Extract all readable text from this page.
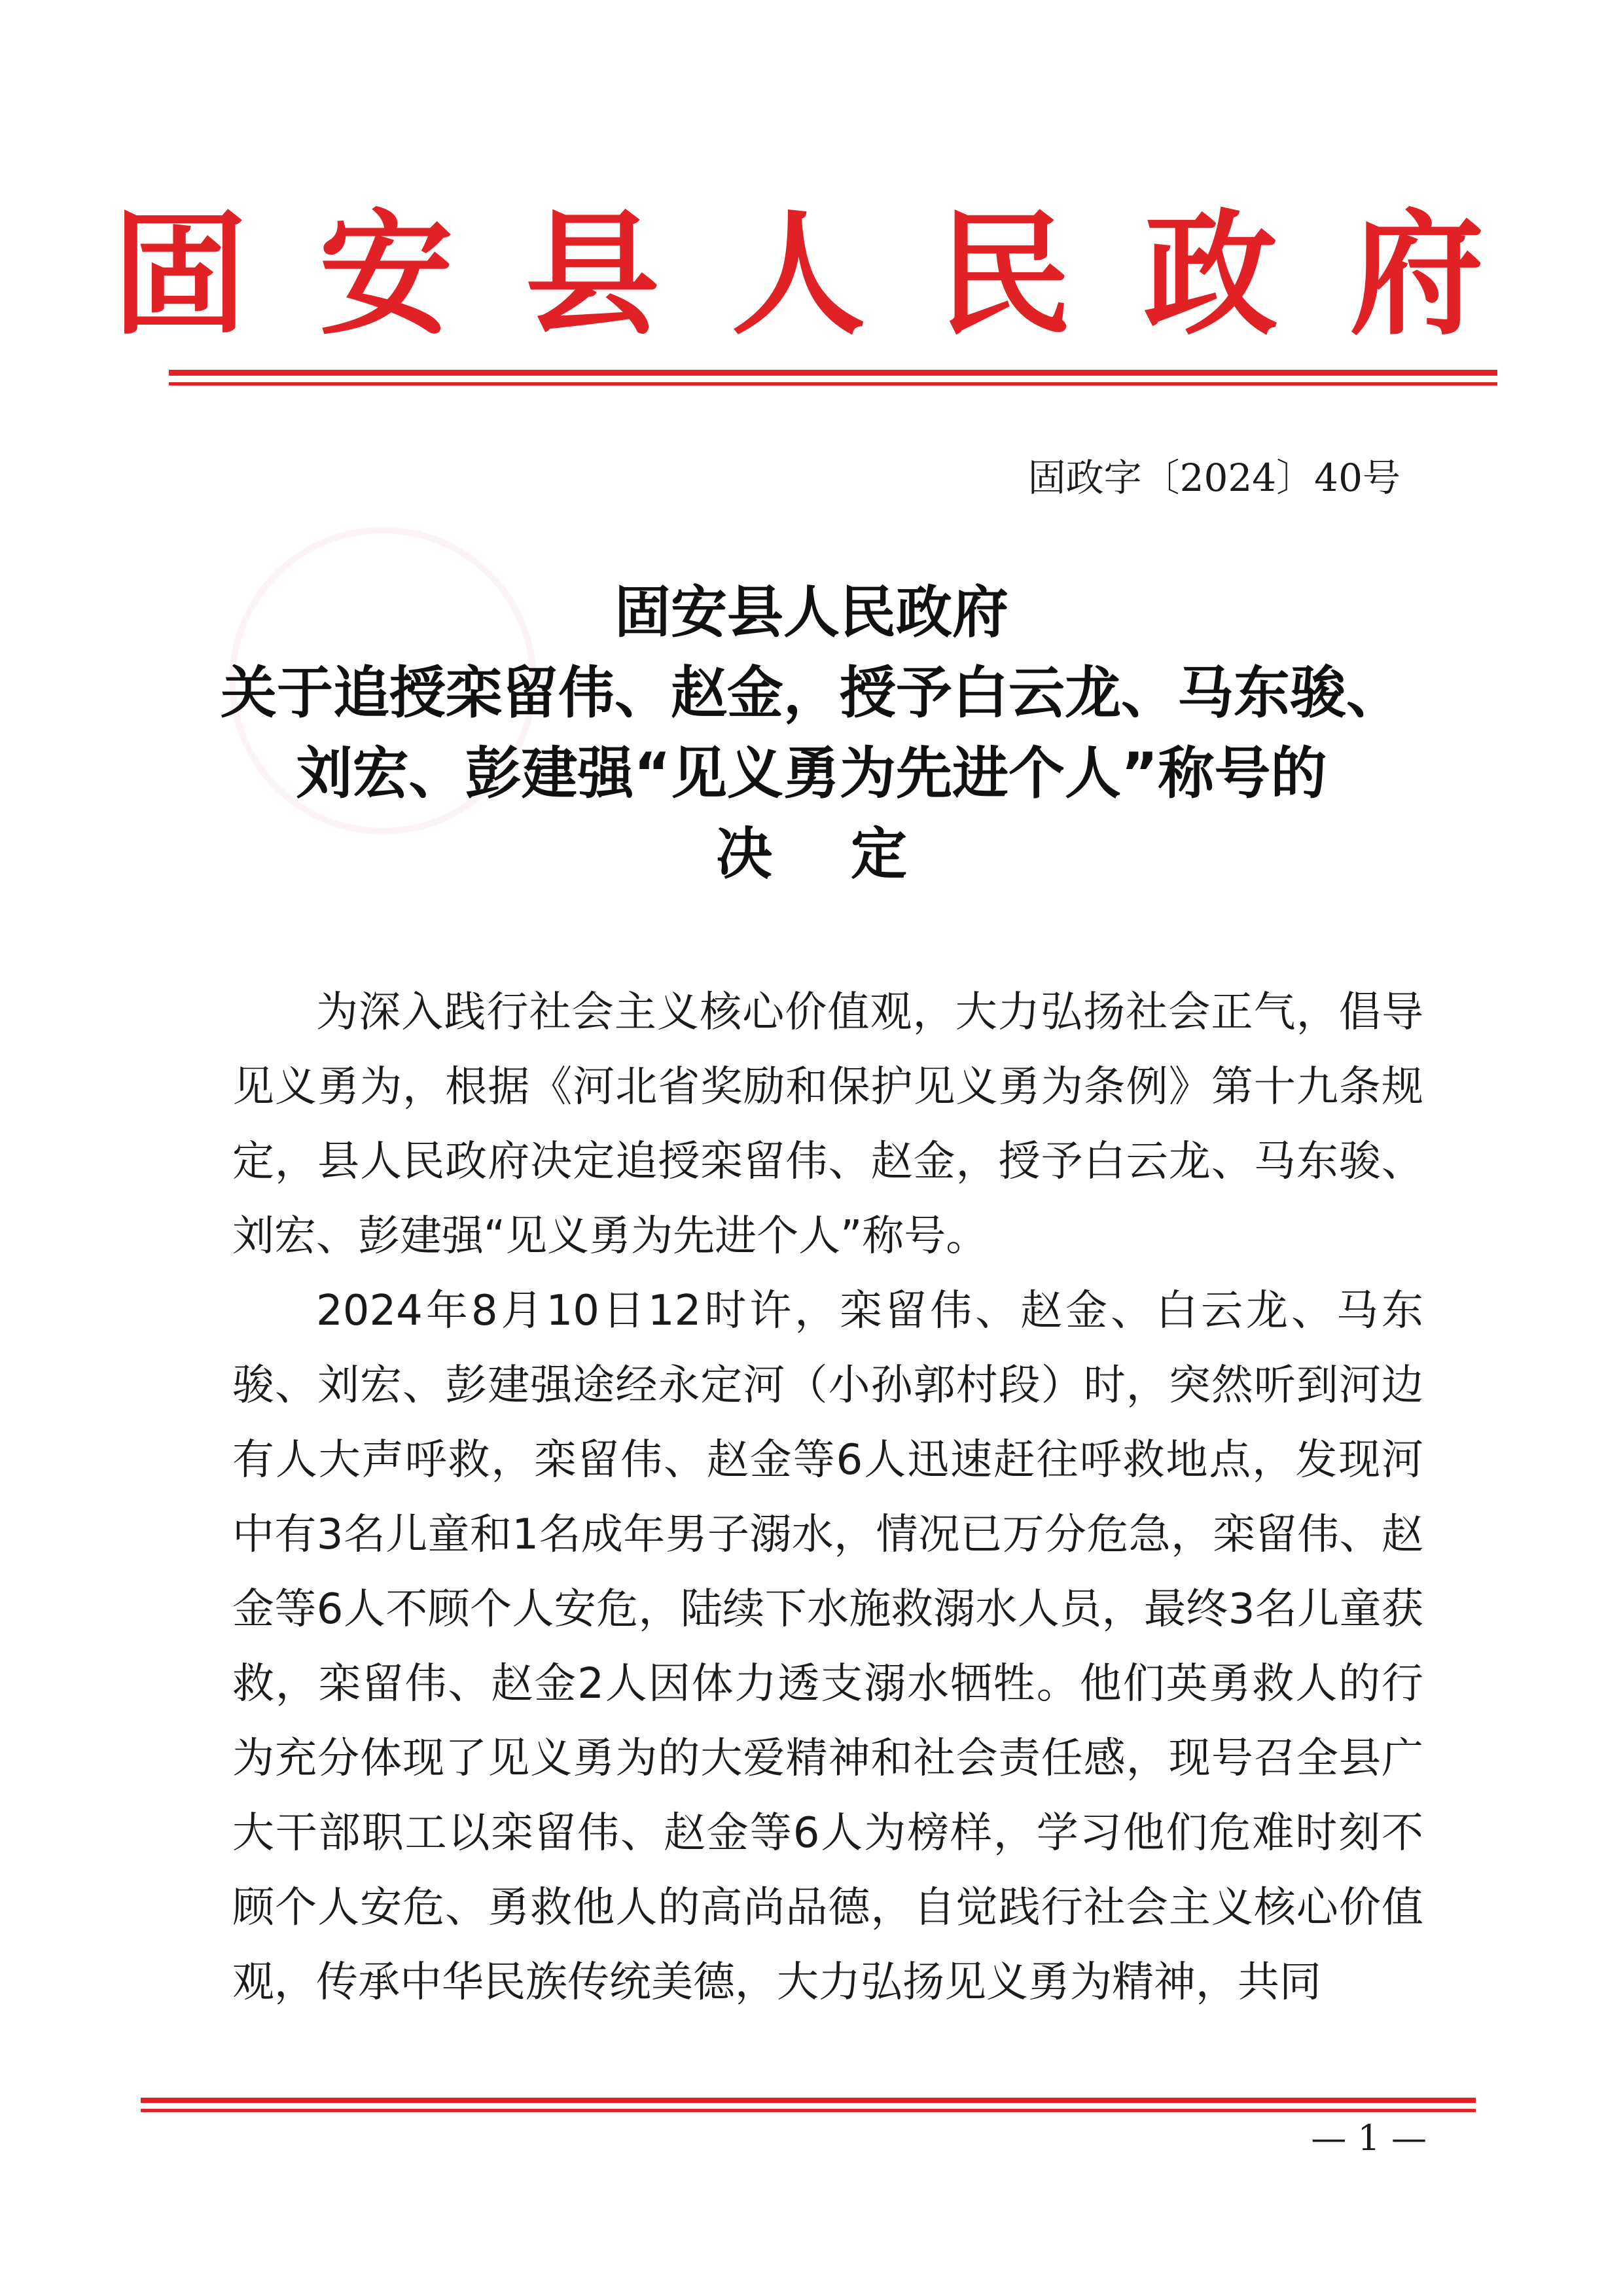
固安县人民政府
固政字〔2024〕40号
固安县人民政府
关于追授栾留伟、赵金，授予白云龙、马东骏、
刘宏、彭建强“见义勇为先进个人”称号的
决定

为深入践行社会主义核心价值观，大力弘扬社会正气，倡导见义勇为，根据《河北省奖励和保护见义勇为条例》第十九条规定，县人民政府决定追授栾留伟、赵金，授予白云龙、马东骏、刘宏、彭建强“见义勇为先进个人”称号。

2024年8月10日12时许，栾留伟、赵金、白云龙、马东骏、刘宏、彭建强途经永定河（小孙郭村段）时，突然听到河边有人大声呼救，栾留伟、赵金等6人迅速赶往呼救地点，发现河中有3名儿童和1名成年男子溺水，情况已万分危急，栾留伟、赵金等6人不顾个人安危，陆续下水施救溺水人员，最终3名儿童获救，栾留伟、赵金2人因体力透支溺水牺牲。他们英勇救人的行为充分体现了见义勇为的大爱精神和社会责任感，现号召全县广大干部职工以栾留伟、赵金等6人为榜样，学习他们危难时刻不顾个人安危、勇救他人的高尚品德，自觉践行社会主义核心价值观，传承中华民族传统美德，大力弘扬见义勇为精神，共同

— 1 —
